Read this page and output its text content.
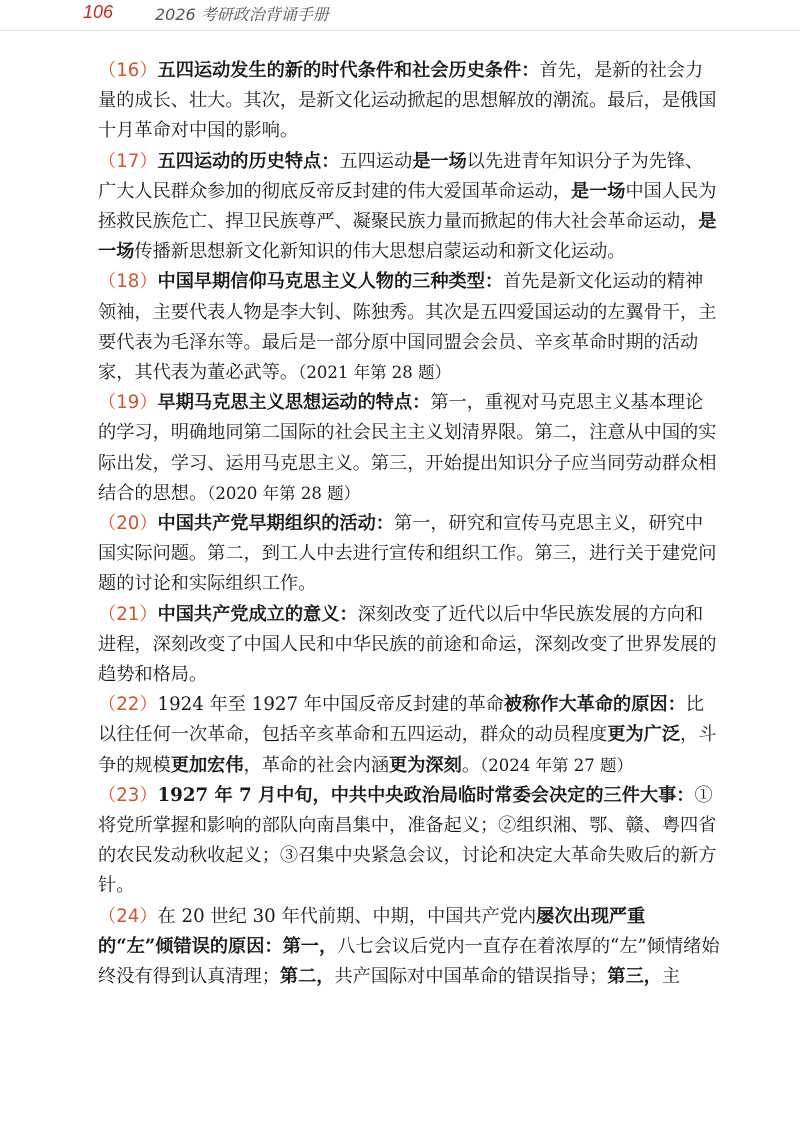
106	2026 考研政治背诵手册

（16）五四运动发生的新的时代条件和社会历史条件：首先，是新的社会力量的成长、壮大。其次，是新文化运动掀起的思想解放的潮流。最后，是俄国十月革命对中国的影响。

（17）五四运动的历史特点：五四运动是一场以先进青年知识分子为先锋、广大人民群众参加的彻底反帝反封建的伟大爱国革命运动，是一场中国人民为拯救民族危亡、捍卫民族尊严、凝聚民族力量而掀起的伟大社会革命运动，是一场传播新思想新文化新知识的伟大思想启蒙运动和新文化运动。

（18）中国早期信仰马克思主义人物的三种类型：首先是新文化运动的精神领袖，主要代表人物是李大钊、陈独秀。其次是五四爱国运动的左翼骨干，主要代表为毛泽东等。最后是一部分原中国同盟会会员、辛亥革命时期的活动家，其代表为董必武等。（2021 年第 28 题）

（19）早期马克思主义思想运动的特点：第一，重视对马克思主义基本理论的学习，明确地同第二国际的社会民主主义划清界限。第二，注意从中国的实际出发，学习、运用马克思主义。第三，开始提出知识分子应当同劳动群众相结合的思想。（2020 年第 28 题）

（20）中国共产党早期组织的活动：第一，研究和宣传马克思主义，研究中国实际问题。第二，到工人中去进行宣传和组织工作。第三，进行关于建党问题的讨论和实际组织工作。

（21）中国共产党成立的意义：深刻改变了近代以后中华民族发展的方向和进程，深刻改变了中国人民和中华民族的前途和命运，深刻改变了世界发展的趋势和格局。

（22）1924 年至 1927 年中国反帝反封建的革命被称作大革命的原因：比以往任何一次革命，包括辛亥革命和五四运动，群众的动员程度更为广泛，斗争的规模更加宏伟，革命的社会内涵更为深刻。（2024 年第 27 题）

（23）1927 年 7 月中旬，中共中央政治局临时常委会决定的三件大事：①将党所掌握和影响的部队向南昌集中，准备起义；②组织湘、鄂、赣、粤四省的农民发动秋收起义；③召集中央紧急会议，讨论和决定大革命失败后的新方针。

（24）在 20 世纪 30 年代前期、中期，中国共产党内屡次出现严重的“左”倾错误的原因：第一，八七会议后党内一直存在着浓厚的“左”倾情绪始终没有得到认真清理；第二，共产国际对中国革命的错误指导；第三，主
